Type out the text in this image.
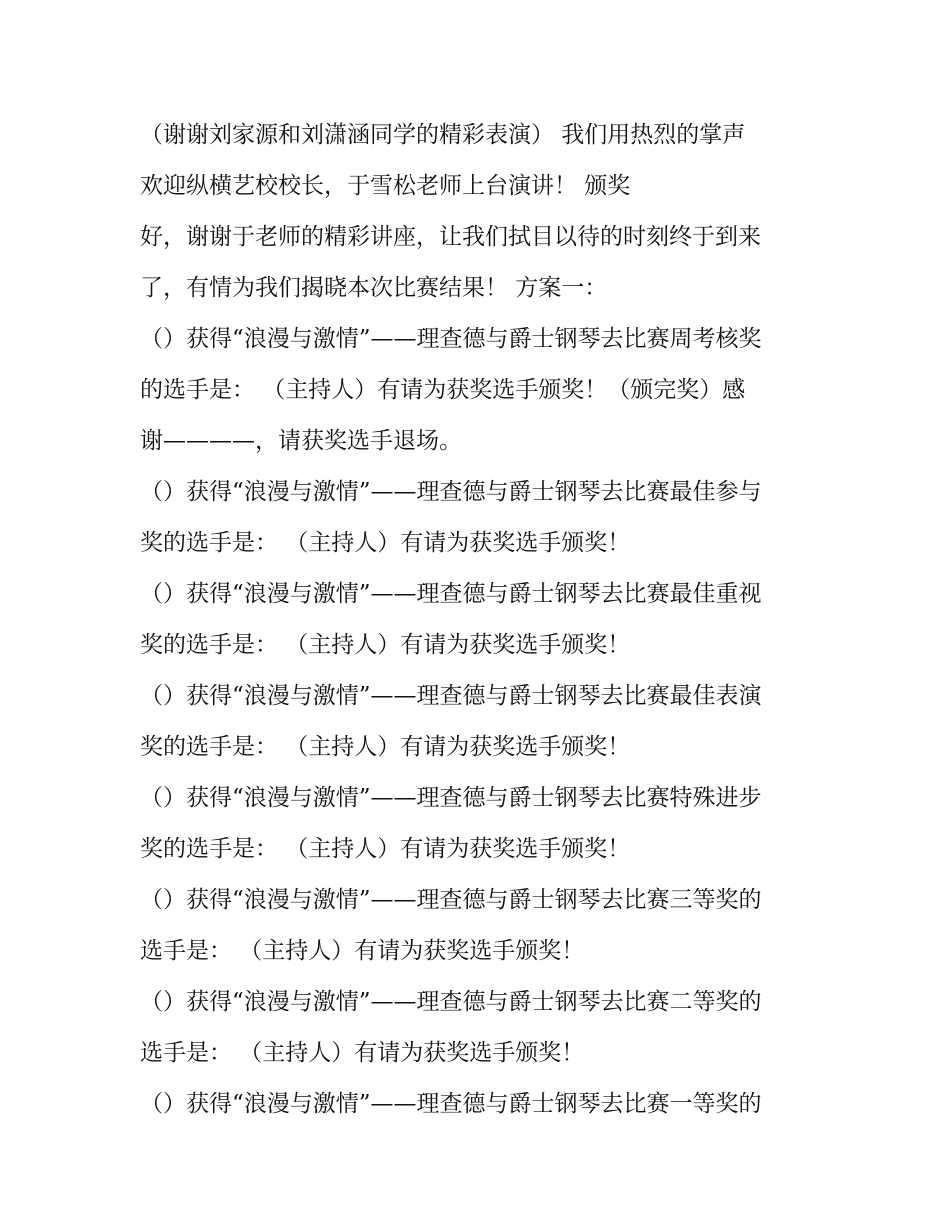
（谢谢刘家源和刘潇涵同学的精彩表演） 我们用热烈的掌声
欢迎纵横艺校校长，于雪松老师上台演讲！ 颁奖
好，谢谢于老师的精彩讲座，让我们拭目以待的时刻终于到来
了，有情为我们揭晓本次比赛结果！ 方案一：
（）获得“浪漫与激情”——理查德与爵士钢琴去比赛周考核奖
的选手是： （主持人）有请为获奖选手颁奖！（颁完奖）感
谢————，请获奖选手退场。
（）获得“浪漫与激情”——理查德与爵士钢琴去比赛最佳参与
奖的选手是： （主持人）有请为获奖选手颁奖！
（）获得“浪漫与激情”——理查德与爵士钢琴去比赛最佳重视
奖的选手是： （主持人）有请为获奖选手颁奖！
（）获得“浪漫与激情”——理查德与爵士钢琴去比赛最佳表演
奖的选手是： （主持人）有请为获奖选手颁奖！
（）获得“浪漫与激情”——理查德与爵士钢琴去比赛特殊进步
奖的选手是： （主持人）有请为获奖选手颁奖！
（）获得“浪漫与激情”——理查德与爵士钢琴去比赛三等奖的
选手是： （主持人）有请为获奖选手颁奖！
（）获得“浪漫与激情”——理查德与爵士钢琴去比赛二等奖的
选手是： （主持人）有请为获奖选手颁奖！
（）获得“浪漫与激情”——理查德与爵士钢琴去比赛一等奖的
